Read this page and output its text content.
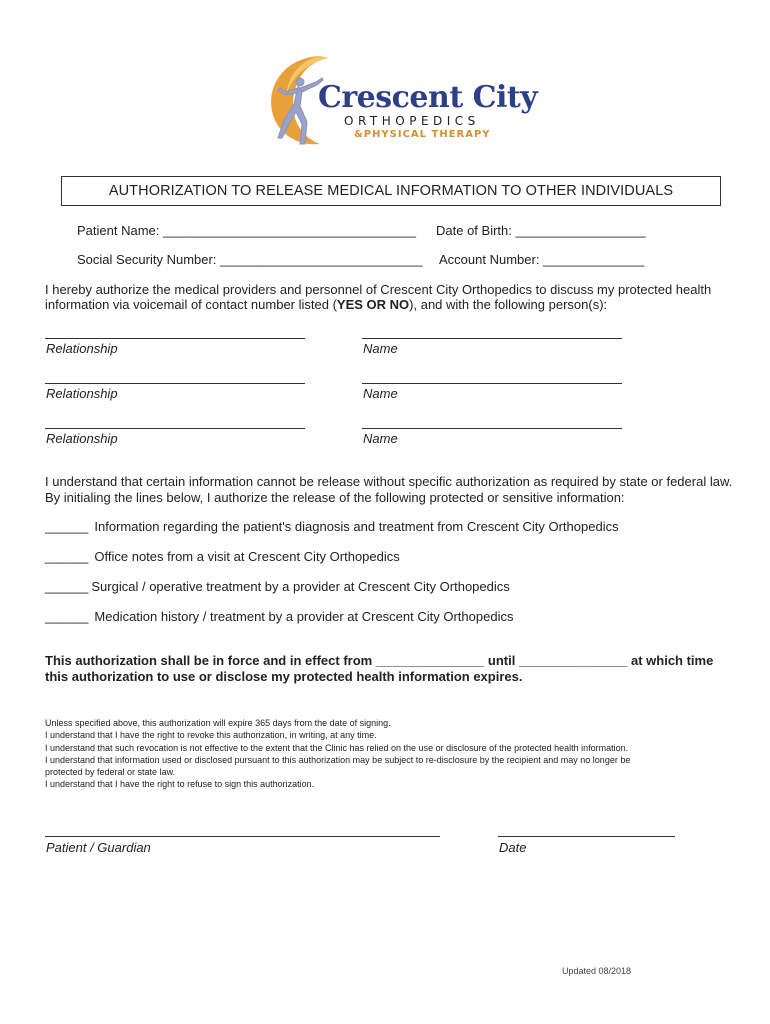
Crescent City
ORTHOPEDICS
&PHYSICAL THERAPY
AUTHORIZATION TO RELEASE MEDICAL INFORMATION TO OTHER INDIVIDUALS
Patient Name: ___________________________________ Date of Birth: __________________
Social Security Number: ____________________________ Account Number: ______________
I hereby authorize the medical providers and personnel of Crescent City Orthopedics to discuss my protected health
information via voicemail of contact number listed (YES OR NO), and with the following person(s):
Relationship	Name
Relationship	Name
Relationship	Name
I understand that certain information cannot be release without specific authorization as required by state or federal law.
By initialing the lines below, I authorize the release of the following protected or sensitive information:
______ Information regarding the patient's diagnosis and treatment from Crescent City Orthopedics
______ Office notes from a visit at Crescent City Orthopedics
______ Surgical / operative treatment by a provider at Crescent City Orthopedics
______ Medication history / treatment by a provider at Crescent City Orthopedics
This authorization shall be in force and in effect from _______________ until _______________ at which time
this authorization to use or disclose my protected health information expires.
Unless specified above, this authorization will expire 365 days from the date of signing.
I understand that I have the right to revoke this authorization, in writing, at any time.
I understand that such revocation is not effective to the extent that the Clinic has relied on the use or disclosure of the protected health information.
I understand that information used or disclosed pursuant to this authorization may be subject to re-disclosure by the recipient and may no longer be
protected by federal or state law.
I understand that I have the right to refuse to sign this authorization.
Patient / Guardian	Date
Updated 08/2018
